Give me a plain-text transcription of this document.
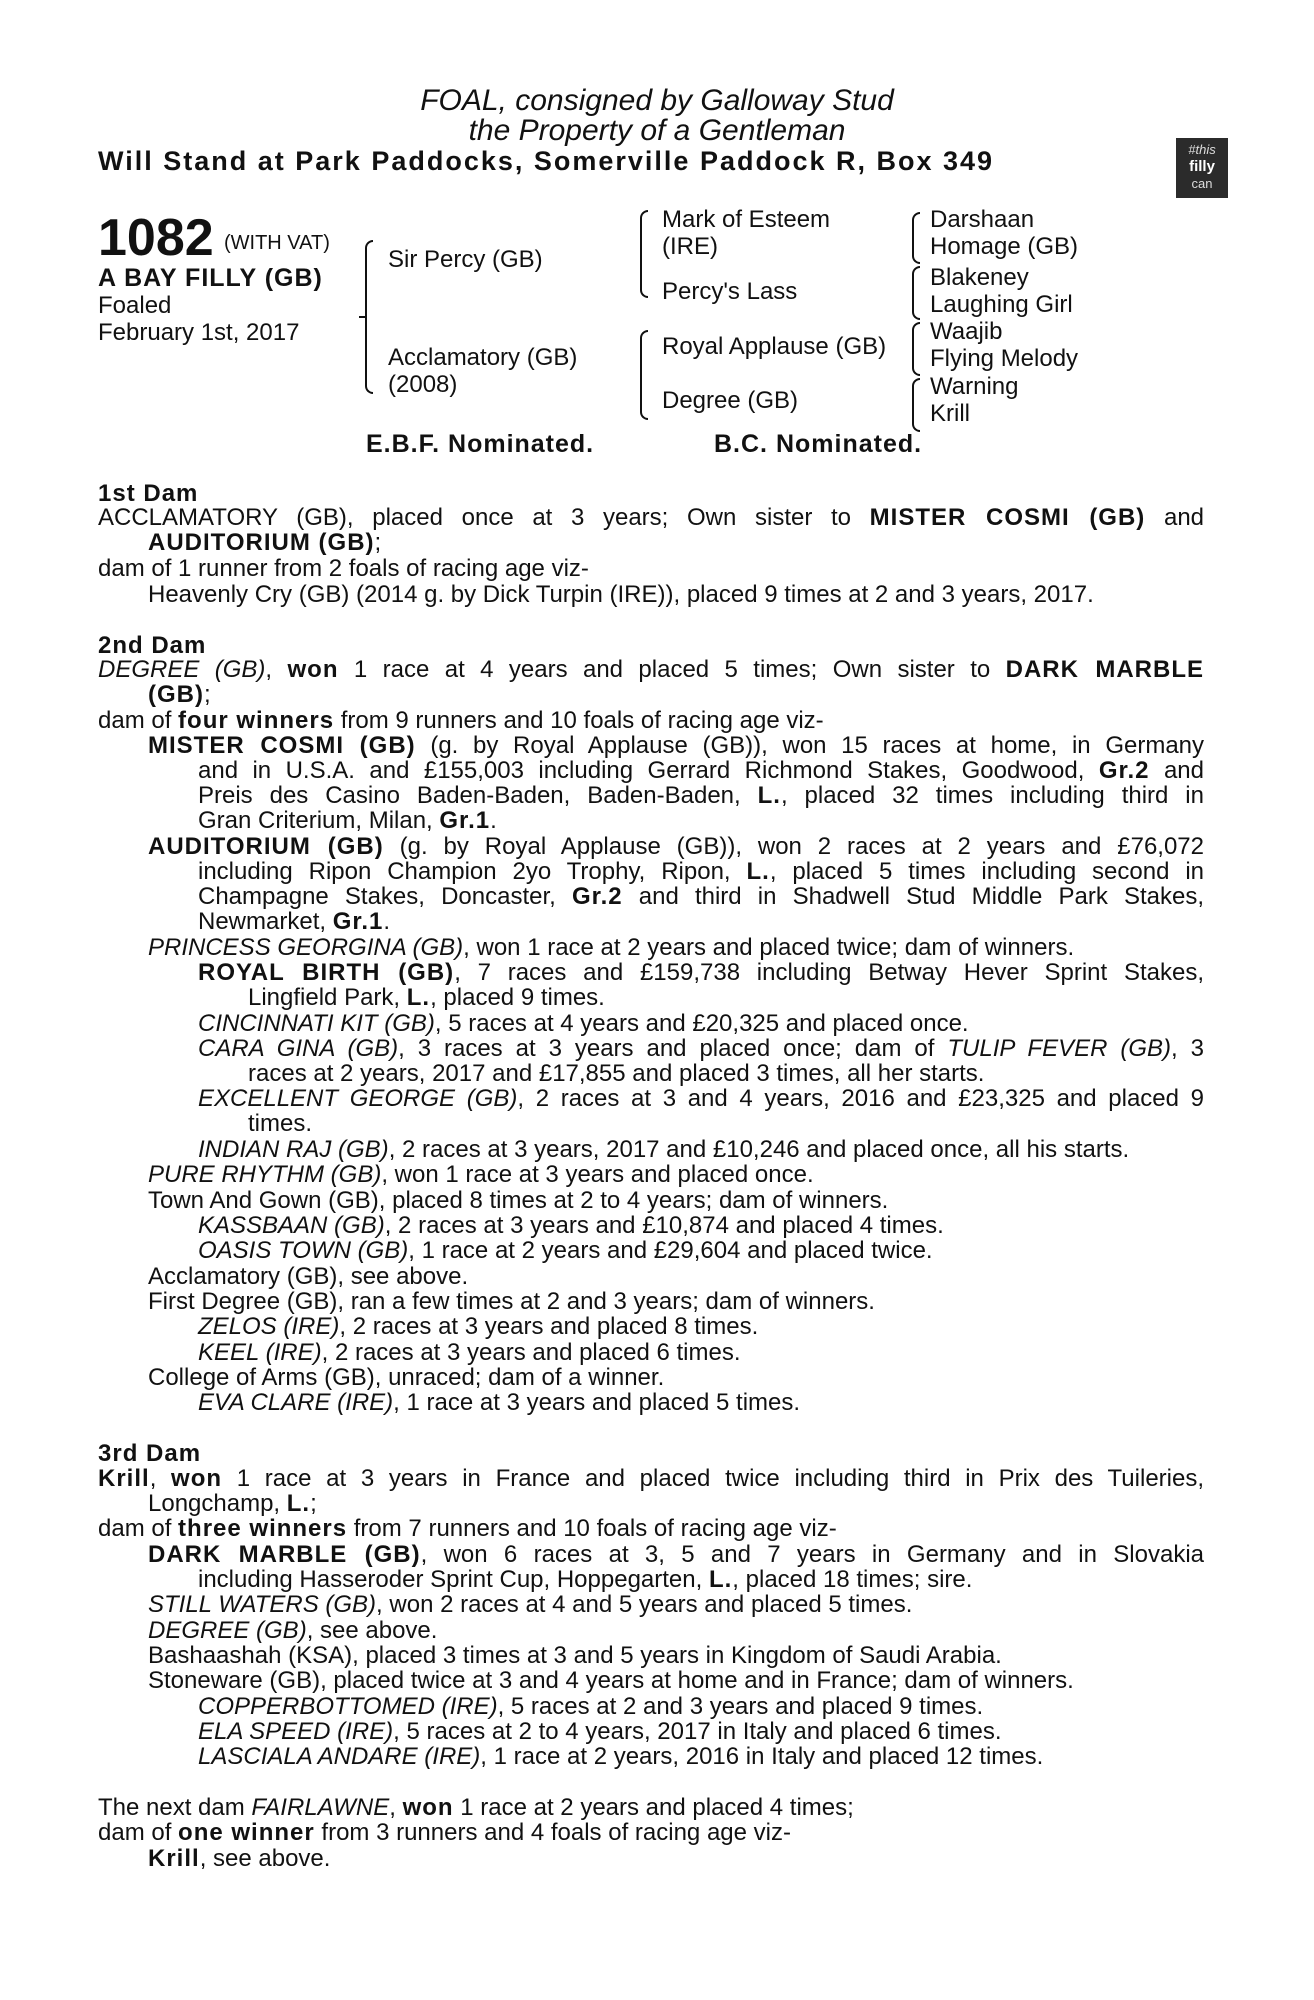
FOAL, consigned by Galloway Stud
the Property of a Gentleman
Will Stand at Park Paddocks, Somerville Paddock R, Box 349	#this
filly
can
1082 (WITH VAT)
A BAY FILLY (GB)
Foaled
February 1st, 2017
Sir Percy (GB)
Acclamatory (GB)
(2008)
Mark of Esteem
(IRE)
Percy's Lass
Royal Applause (GB)
Degree (GB)
Darshaan
Homage (GB)
Blakeney
Laughing Girl
Waajib
Flying Melody
Warning
Krill
E.B.F. Nominated.	B.C. Nominated.
1st Dam
ACCLAMATORY (GB), placed once at 3 years; Own sister to MISTER COSMI (GB) and
AUDITORIUM (GB);
dam of 1 runner from 2 foals of racing age viz-
Heavenly Cry (GB) (2014 g. by Dick Turpin (IRE)), placed 9 times at 2 and 3 years, 2017.
2nd Dam
DEGREE (GB), won 1 race at 4 years and placed 5 times; Own sister to DARK MARBLE
(GB);
dam of four winners from 9 runners and 10 foals of racing age viz-
MISTER COSMI (GB) (g. by Royal Applause (GB)), won 15 races at home, in Germany
and in U.S.A. and £155,003 including Gerrard Richmond Stakes, Goodwood, Gr.2 and
Preis des Casino Baden-Baden, Baden-Baden, L., placed 32 times including third in
Gran Criterium, Milan, Gr.1.
AUDITORIUM (GB) (g. by Royal Applause (GB)), won 2 races at 2 years and £76,072
including Ripon Champion 2yo Trophy, Ripon, L., placed 5 times including second in
Champagne Stakes, Doncaster, Gr.2 and third in Shadwell Stud Middle Park Stakes,
Newmarket, Gr.1.
PRINCESS GEORGINA (GB), won 1 race at 2 years and placed twice; dam of winners.
ROYAL BIRTH (GB), 7 races and £159,738 including Betway Hever Sprint Stakes,
Lingfield Park, L., placed 9 times.
CINCINNATI KIT (GB), 5 races at 4 years and £20,325 and placed once.
CARA GINA (GB), 3 races at 3 years and placed once; dam of TULIP FEVER (GB), 3
races at 2 years, 2017 and £17,855 and placed 3 times, all her starts.
EXCELLENT GEORGE (GB), 2 races at 3 and 4 years, 2016 and £23,325 and placed 9
times.
INDIAN RAJ (GB), 2 races at 3 years, 2017 and £10,246 and placed once, all his starts.
PURE RHYTHM (GB), won 1 race at 3 years and placed once.
Town And Gown (GB), placed 8 times at 2 to 4 years; dam of winners.
KASSBAAN (GB), 2 races at 3 years and £10,874 and placed 4 times.
OASIS TOWN (GB), 1 race at 2 years and £29,604 and placed twice.
Acclamatory (GB), see above.
First Degree (GB), ran a few times at 2 and 3 years; dam of winners.
ZELOS (IRE), 2 races at 3 years and placed 8 times.
KEEL (IRE), 2 races at 3 years and placed 6 times.
College of Arms (GB), unraced; dam of a winner.
EVA CLARE (IRE), 1 race at 3 years and placed 5 times.
3rd Dam
Krill, won 1 race at 3 years in France and placed twice including third in Prix des Tuileries,
Longchamp, L.;
dam of three winners from 7 runners and 10 foals of racing age viz-
DARK MARBLE (GB), won 6 races at 3, 5 and 7 years in Germany and in Slovakia
including Hasseroder Sprint Cup, Hoppegarten, L., placed 18 times; sire.
STILL WATERS (GB), won 2 races at 4 and 5 years and placed 5 times.
DEGREE (GB), see above.
Bashaashah (KSA), placed 3 times at 3 and 5 years in Kingdom of Saudi Arabia.
Stoneware (GB), placed twice at 3 and 4 years at home and in France; dam of winners.
COPPERBOTTOMED (IRE), 5 races at 2 and 3 years and placed 9 times.
ELA SPEED (IRE), 5 races at 2 to 4 years, 2017 in Italy and placed 6 times.
LASCIALA ANDARE (IRE), 1 race at 2 years, 2016 in Italy and placed 12 times.
The next dam FAIRLAWNE, won 1 race at 2 years and placed 4 times;
dam of one winner from 3 runners and 4 foals of racing age viz-
Krill, see above.
